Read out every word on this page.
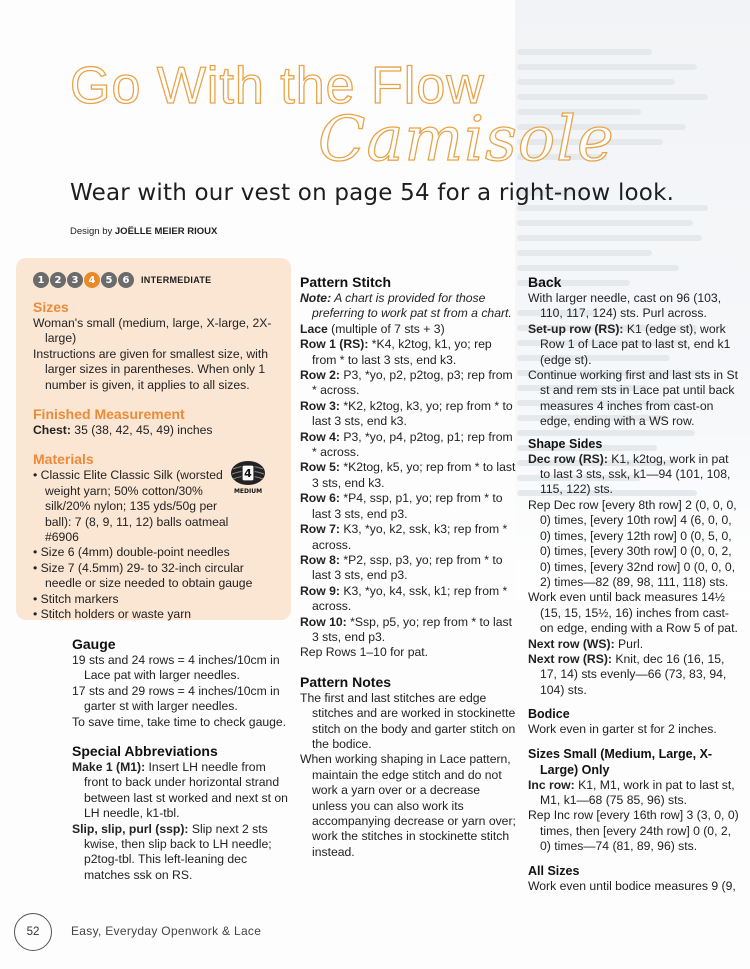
Go With the Flow
Camisole
Wear with our vest on page 54 for a right-now look.
Design by JOËLLE MEIER RIOUX
1	2	3	4	5	6	INTERMEDIATE

Sizes

Woman's small (medium, large, X-large, 2X-large)

Instructions are given for smallest size, with larger sizes in parentheses. When only 1 number is given, it applies to all sizes.

Finished Measurement

Chest: 35 (38, 42, 45, 49) inches

Materials

• Classic Elite Classic Silk (worsted weight yarn; 50% cotton/30% silk/20% nylon; 135 yds/50g per ball): 7 (8, 9, 11, 12) balls oatmeal #6906

• Size 6 (4mm) double-point needles

• Size 7 (4.5mm) 29- to 32-inch circular needle or size needed to obtain gauge

• Stitch markers

• Stitch holders or waste yarn

4
MEDIUM

Gauge

19 sts and 24 rows = 4 inches/10cm in Lace pat with larger needles.

17 sts and 29 rows = 4 inches/10cm in garter st with larger needles.

To save time, take time to check gauge.

Special Abbreviations

Make 1 (M1): Insert LH needle from front to back under horizontal strand between last st worked and next st on LH needle, k1-tbl.

Slip, slip, purl (ssp): Slip next 2 sts kwise, then slip back to LH needle; p2tog-tbl. This left-leaning dec matches ssk on RS.

Pattern Stitch

Note: A chart is provided for those preferring to work pat st from a chart.

Lace (multiple of 7 sts + 3)

Row 1 (RS): *K4, k2tog, k1, yo; rep from * to last 3 sts, end k3.

Row 2: P3, *yo, p2, p2tog, p3; rep from * across.

Row 3: *K2, k2tog, k3, yo; rep from * to last 3 sts, end k3.

Row 4: P3, *yo, p4, p2tog, p1; rep from * across.

Row 5: *K2tog, k5, yo; rep from * to last 3 sts, end k3.

Row 6: *P4, ssp, p1, yo; rep from * to last 3 sts, end p3.

Row 7: K3, *yo, k2, ssk, k3; rep from * across.

Row 8: *P2, ssp, p3, yo; rep from * to last 3 sts, end p3.

Row 9: K3, *yo, k4, ssk, k1; rep from * across.

Row 10: *Ssp, p5, yo; rep from * to last 3 sts, end p3.

Rep Rows 1–10 for pat.

Pattern Notes

The first and last stitches are edge stitches and are worked in stockinette stitch on the body and garter stitch on the bodice.

When working shaping in Lace pattern, maintain the edge stitch and do not work a yarn over or a decrease unless you can also work its accompanying decrease or yarn over; work the stitches in stockinette stitch instead.

Back

With larger needle, cast on 96 (103, 110, 117, 124) sts. Purl across.

Set-up row (RS): K1 (edge st), work Row 1 of Lace pat to last st, end k1 (edge st).

Continue working first and last sts in St st and rem sts in Lace pat until back measures 4 inches from cast-on edge, ending with a WS row.

Shape Sides

Dec row (RS): K1, k2tog, work in pat to last 3 sts, ssk, k1—94 (101, 108, 115, 122) sts.

Rep Dec row [every 8th row] 2 (0, 0, 0, 0) times, [every 10th row] 4 (6, 0, 0, 0) times, [every 12th row] 0 (0, 5, 0, 0) times, [every 30th row] 0 (0, 0, 2, 0) times, [every 32nd row] 0 (0, 0, 0, 2) times—82 (89, 98, 111, 118) sts.

Work even until back measures 14½ (15, 15, 15½, 16) inches from cast-on edge, ending with a Row 5 of pat.

Next row (WS): Purl.

Next row (RS): Knit, dec 16 (16, 15, 17, 14) sts evenly—66 (73, 83, 94, 104) sts.

Bodice

Work even in garter st for 2 inches.

Sizes Small (Medium, Large, X-Large) Only

Inc row: K1, M1, work in pat to last st, M1, k1—68 (75 85, 96) sts.

Rep Inc row [every 16th row] 3 (3, 0, 0) times, then [every 24th row] 0 (0, 2, 0) times—74 (81, 89, 96) sts.

All Sizes

Work even until bodice measures 9 (9,

52	Easy, Everyday Openwork & Lace
